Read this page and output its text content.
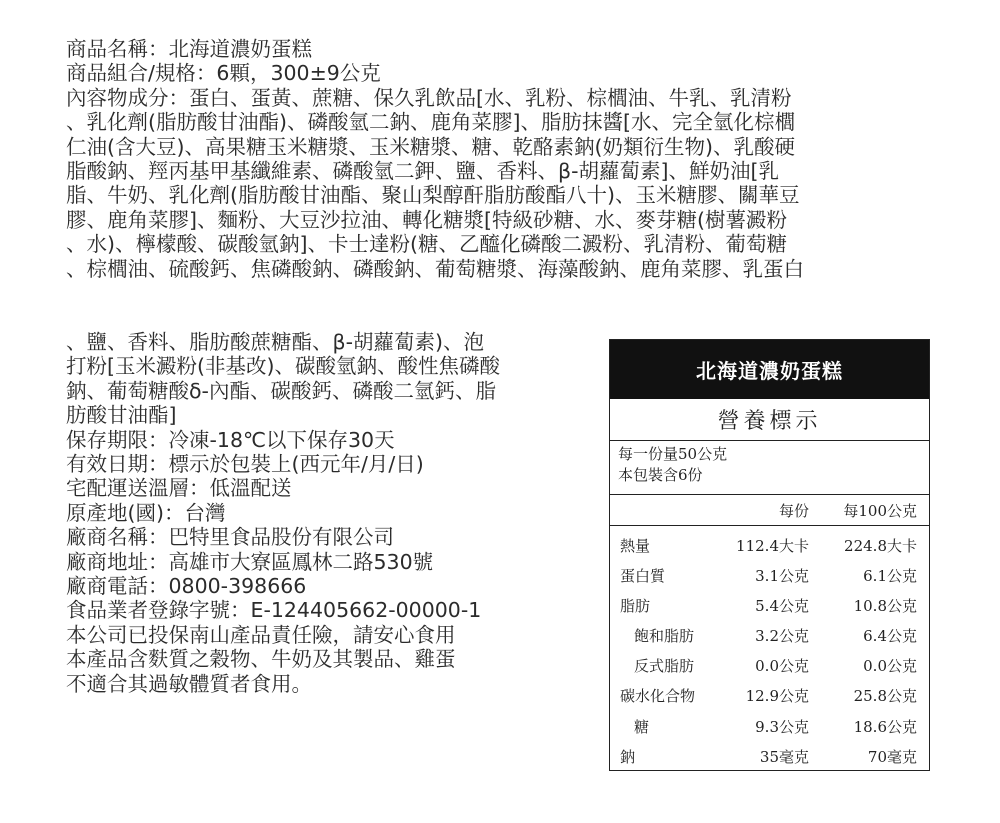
商品名稱：北海道濃奶蛋糕
商品組合/規格：6顆，300±9公克
內容物成分：蛋白、蛋黃、蔗糖、保久乳飲品[水、乳粉、棕櫚油、牛乳、乳清粉
、乳化劑(脂肪酸甘油酯)、磷酸氫二鈉、鹿角菜膠]、脂肪抹醬[水、完全氫化棕櫚
仁油(含大豆)、高果糖玉米糖漿、玉米糖漿、糖、乾酪素鈉(奶類衍生物)、乳酸硬
脂酸鈉、羥丙基甲基纖維素、磷酸氫二鉀、鹽、香料、β-胡蘿蔔素]、鮮奶油[乳
脂、牛奶、乳化劑(脂肪酸甘油酯、聚山梨醇酐脂肪酸酯八十)、玉米糖膠、關華豆
膠、鹿角菜膠]、麵粉、大豆沙拉油、轉化糖漿[特級砂糖、水、麥芽糖(樹薯澱粉
、水)、檸檬酸、碳酸氫鈉]、卡士達粉(糖、乙醯化磷酸二澱粉、乳清粉、葡萄糖
、棕櫚油、硫酸鈣、焦磷酸鈉、磷酸鈉、葡萄糖漿、海藻酸鈉、鹿角菜膠、乳蛋白
、鹽、香料、脂肪酸蔗糖酯、β-胡蘿蔔素)、泡
打粉[玉米澱粉(非基改)、碳酸氫鈉、酸性焦磷酸
鈉、葡萄糖酸δ-內酯、碳酸鈣、磷酸二氫鈣、脂
肪酸甘油酯]
保存期限：冷凍-18℃以下保存30天
有效日期：標示於包裝上(西元年/月/日)
宅配運送溫層：低溫配送
原產地(國)：台灣
廠商名稱：巴特里食品股份有限公司
廠商地址：高雄市大寮區鳳林二路530號
廠商電話：0800-398666
食品業者登錄字號：E-124405662-00000-1
本公司已投保南山產品責任險，請安心食用
本產品含麩質之穀物、牛奶及其製品、雞蛋
不適合其過敏體質者食用。
北海道濃奶蛋糕
營養標示
每一份量50公克
本包裝含6份
每份 每100公克
熱量	112.4大卡 224.8大卡
蛋白質	3.1公克	6.1公克
脂肪	5.4公克	10.8公克
飽和脂肪	3.2公克	6.4公克
反式脂肪	0.0公克	0.0公克
碳水化合物	12.9公克	25.8公克
糖	9.3公克	18.6公克
鈉	35毫克	70毫克
